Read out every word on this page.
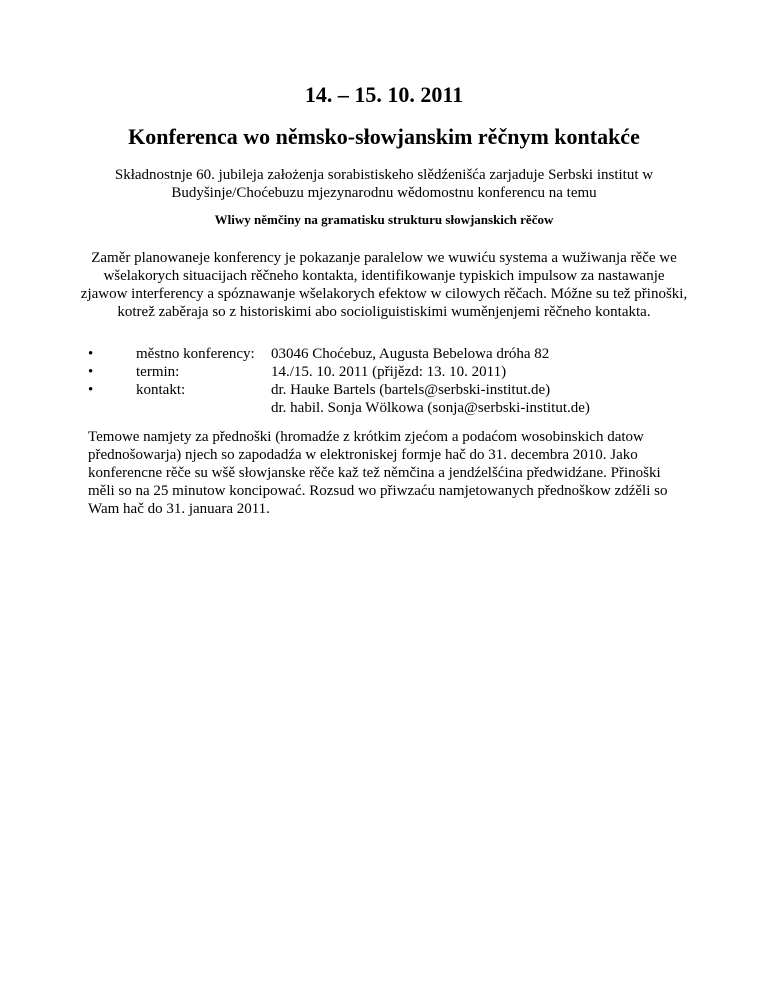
14. – 15. 10. 2011
Konferenca wo němsko-słowjanskim rěčnym kontakće
Składnostnje 60. jubileja założenja sorabistiskeho slědźenišća zarjaduje Serbski institut w Budyšinje/Choćebuzu mjezynarodnu wědomostnu konferencu na temu
Wliwy němčiny na gramatisku strukturu słowjanskich rěčow
Zaměr planowaneje konferency je pokazanje paralelow we wuwiću systema a wužiwanja rěče we wšelakorych situacijach rěčneho kontakta, identifikowanje typiskich impulsow za nastawanje zjawow interferency a spóznawanje wšelakorych efektow w cilowych rěčach. Móžne su tež přinoški, kotrež zaběraja so z historiskimi abo socioliguistiskimi wuměnjenjemi rěčneho kontakta.
•	městno konferency: 03046 Choćebuz, Augusta Bebelowa dróha 82
•	termin:	14./15. 10. 2011 (přijězd: 13. 10. 2011)
•	kontakt:	dr. Hauke Bartels (bartels@serbski-institut.de)
dr. habil. Sonja Wölkowa (sonja@serbski-institut.de)
Temowe namjety za přednoški (hromadźe z krótkim zjećom a podaćom wosobinskich datow přednošowarja) njech so zapodadźa w elektroniskej formje hač do 31. decembra 2010. Jako konferencne rěče su wšě słowjanske rěče kaž tež němčina a jendźelšćina předwidźane. Přinoški měli so na 25 minutow koncipować. Rozsud wo přiwzaću namjetowanych přednoškow zdźěli so Wam hač do 31. januara 2011.
